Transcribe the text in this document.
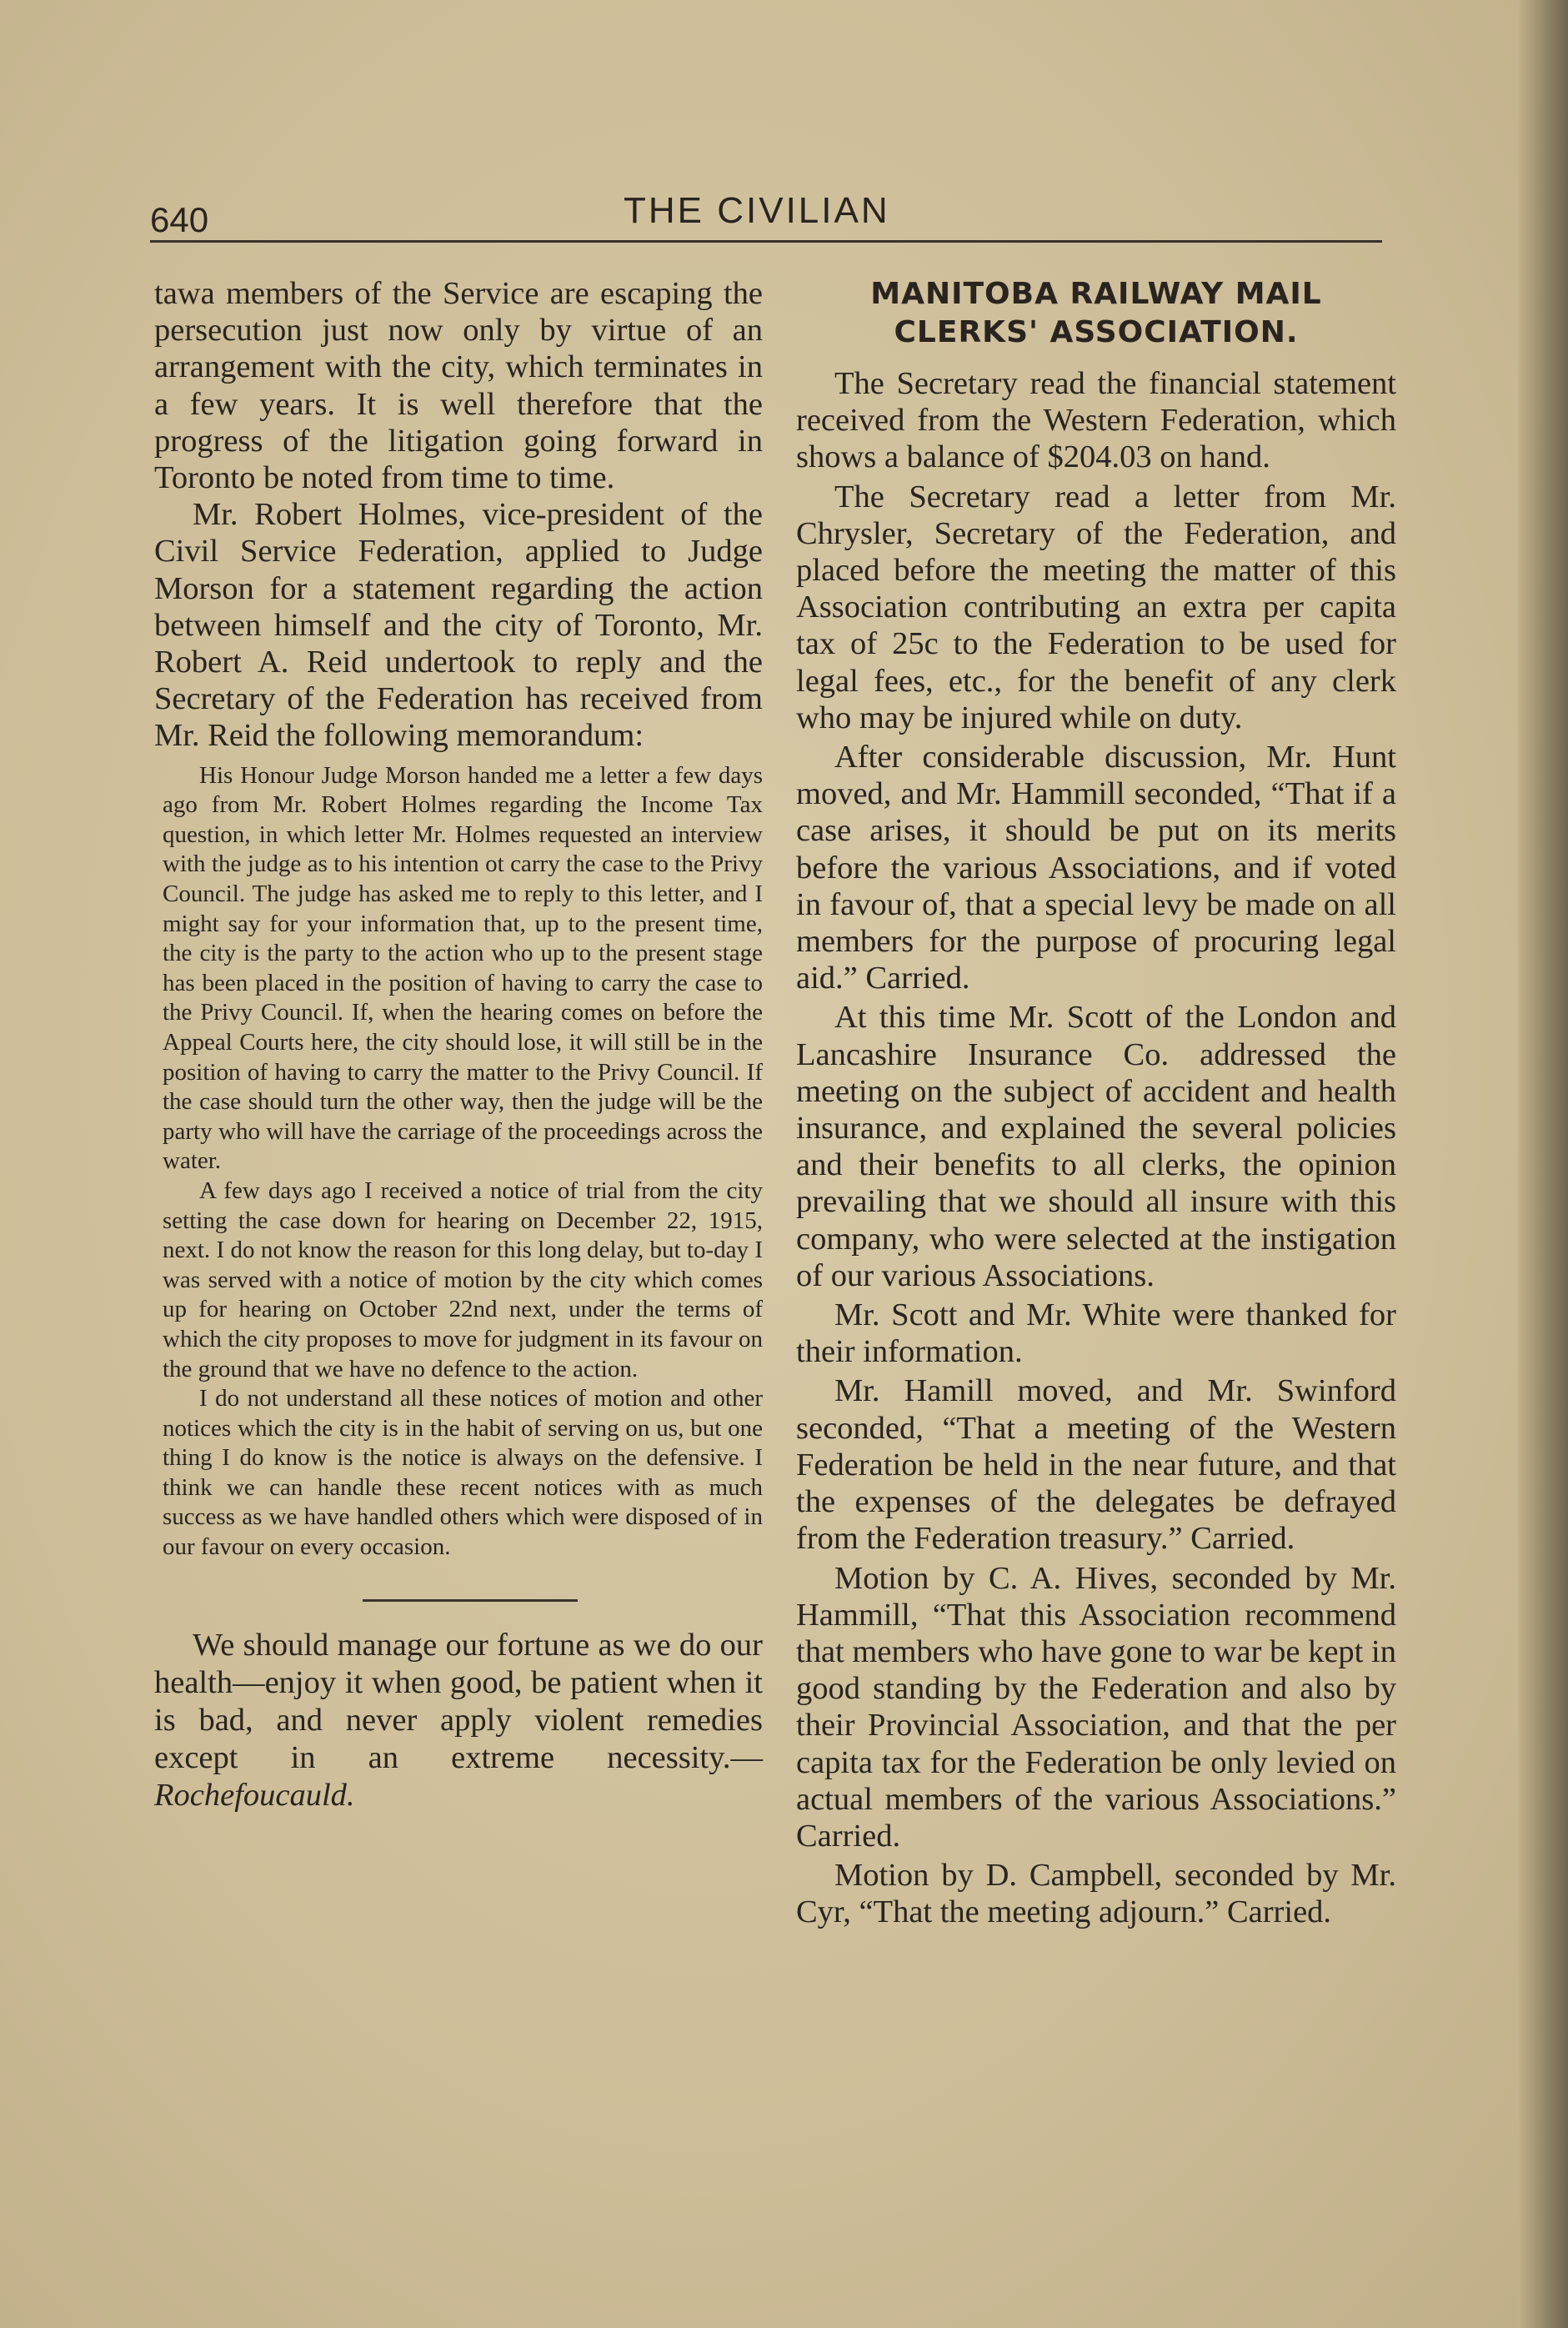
640	THE CIVILIAN

tawa members of the Service are escaping the persecution just now only by virtue of an arrangement with the city, which terminates in a few years. It is well therefore that the progress of the litigation going forward in Toronto be noted from time to time.

Mr. Robert Holmes, vice-president of the Civil Service Federation, applied to Judge Morson for a statement regarding the action between himself and the city of Toronto, Mr. Robert A. Reid undertook to reply and the Secretary of the Federation has received from Mr. Reid the following memorandum:

His Honour Judge Morson handed me a letter a few days ago from Mr. Robert Holmes regarding the Income Tax question, in which letter Mr. Holmes requested an interview with the judge as to his intention ot carry the case to the Privy Council. The judge has asked me to reply to this letter, and I might say for your information that, up to the present time, the city is the party to the action who up to the present stage has been placed in the position of having to carry the case to the Privy Council. If, when the hearing comes on before the Appeal Courts here, the city should lose, it will still be in the position of having to carry the matter to the Privy Council. If the case should turn the other way, then the judge will be the party who will have the carriage of the proceedings across the water.

A few days ago I received a notice of trial from the city setting the case down for hearing on December 22, 1915, next. I do not know the reason for this long delay, but to-day I was served with a notice of motion by the city which comes up for hearing on October 22nd next, under the terms of which the city proposes to move for judgment in its favour on the ground that we have no defence to the action.

I do not understand all these notices of motion and other notices which the city is in the habit of serving on us, but one thing I do know is the notice is always on the defensive. I think we can handle these recent notices with as much success as we have handled others which were disposed of in our favour on every occasion.

We should manage our fortune as we do our health—enjoy it when good, be patient when it is bad, and never apply violent remedies except in an extreme necessity.—Rochefoucauld.

MANITOBA RAILWAY MAIL
CLERKS' ASSOCIATION.

The Secretary read the financial statement received from the Western Federation, which shows a balance of $204.03 on hand.

The Secretary read a letter from Mr. Chrysler, Secretary of the Federation, and placed before the meeting the matter of this Association contributing an extra per capita tax of 25c to the Federation to be used for legal fees, etc., for the benefit of any clerk who may be injured while on duty.

After considerable discussion, Mr. Hunt moved, and Mr. Hammill seconded, “That if a case arises, it should be put on its merits before the various Associations, and if voted in favour of, that a special levy be made on all members for the purpose of procuring legal aid.” Carried.

At this time Mr. Scott of the London and Lancashire Insurance Co. addressed the meeting on the subject of accident and health insurance, and explained the several policies and their benefits to all clerks, the opinion prevailing that we should all insure with this company, who were selected at the instigation of our various Associations.

Mr. Scott and Mr. White were thanked for their information.

Mr. Hamill moved, and Mr. Swinford seconded, “That a meeting of the Western Federation be held in the near future, and that the expenses of the delegates be defrayed from the Federation treasury.” Carried.

Motion by C. A. Hives, seconded by Mr. Hammill, “That this Association recommend that members who have gone to war be kept in good standing by the Federation and also by their Provincial Association, and that the per capita tax for the Federation be only levied on actual members of the various Associations.” Carried.

Motion by D. Campbell, seconded by Mr. Cyr, “That the meeting adjourn.” Carried.
